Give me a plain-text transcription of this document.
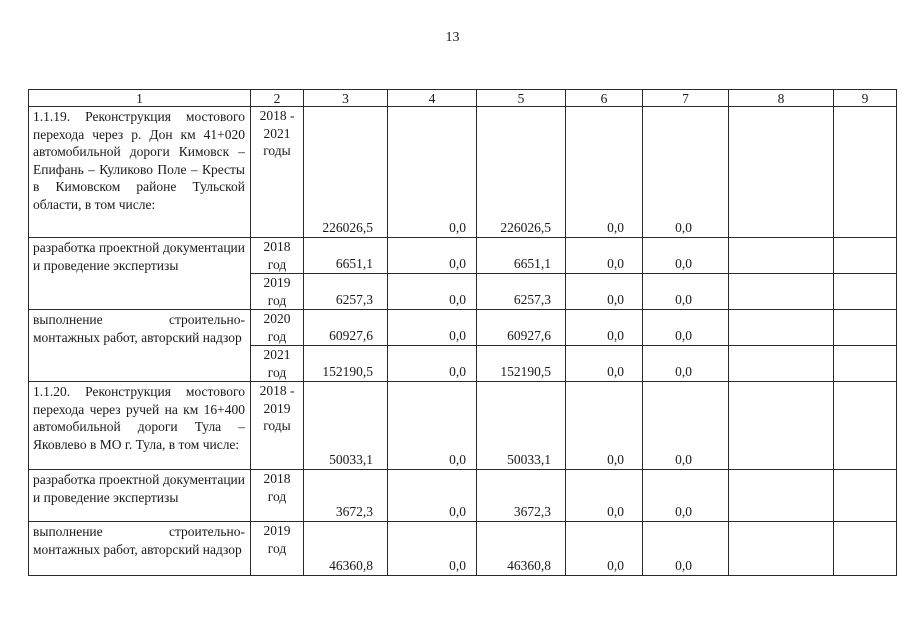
13
1	2	3	4	5	6	7	8	9
1.1.19. Реконструкция мостового перехода через р. Дон км 41+020 автомобильной дороги Кимовск – Епифань – Куликово Поле – Кресты в Кимовском районе Тульской области, в том числе:	2018 - 2021 годы	226026,5	0,0	226026,5	0,0	0,0		
разработка проектной документации и проведение экспертизы	2018 год	6651,1	0,0	6651,1	0,0	0,0		
	2019 год	6257,3	0,0	6257,3	0,0	0,0		
выполнение строительно-монтажных работ, авторский надзор	2020 год	60927,6	0,0	60927,6	0,0	0,0		
	2021 год	152190,5	0,0	152190,5	0,0	0,0		
1.1.20. Реконструкция мостового перехода через ручей на км 16+400 автомобильной дороги Тула – Яковлево в МО г. Тула, в том числе:	2018 - 2019 годы	50033,1	0,0	50033,1	0,0	0,0		
разработка проектной документации и проведение экспертизы	2018 год	3672,3	0,0	3672,3	0,0	0,0		
выполнение строительно-монтажных работ, авторский надзор	2019 год	46360,8	0,0	46360,8	0,0	0,0		
